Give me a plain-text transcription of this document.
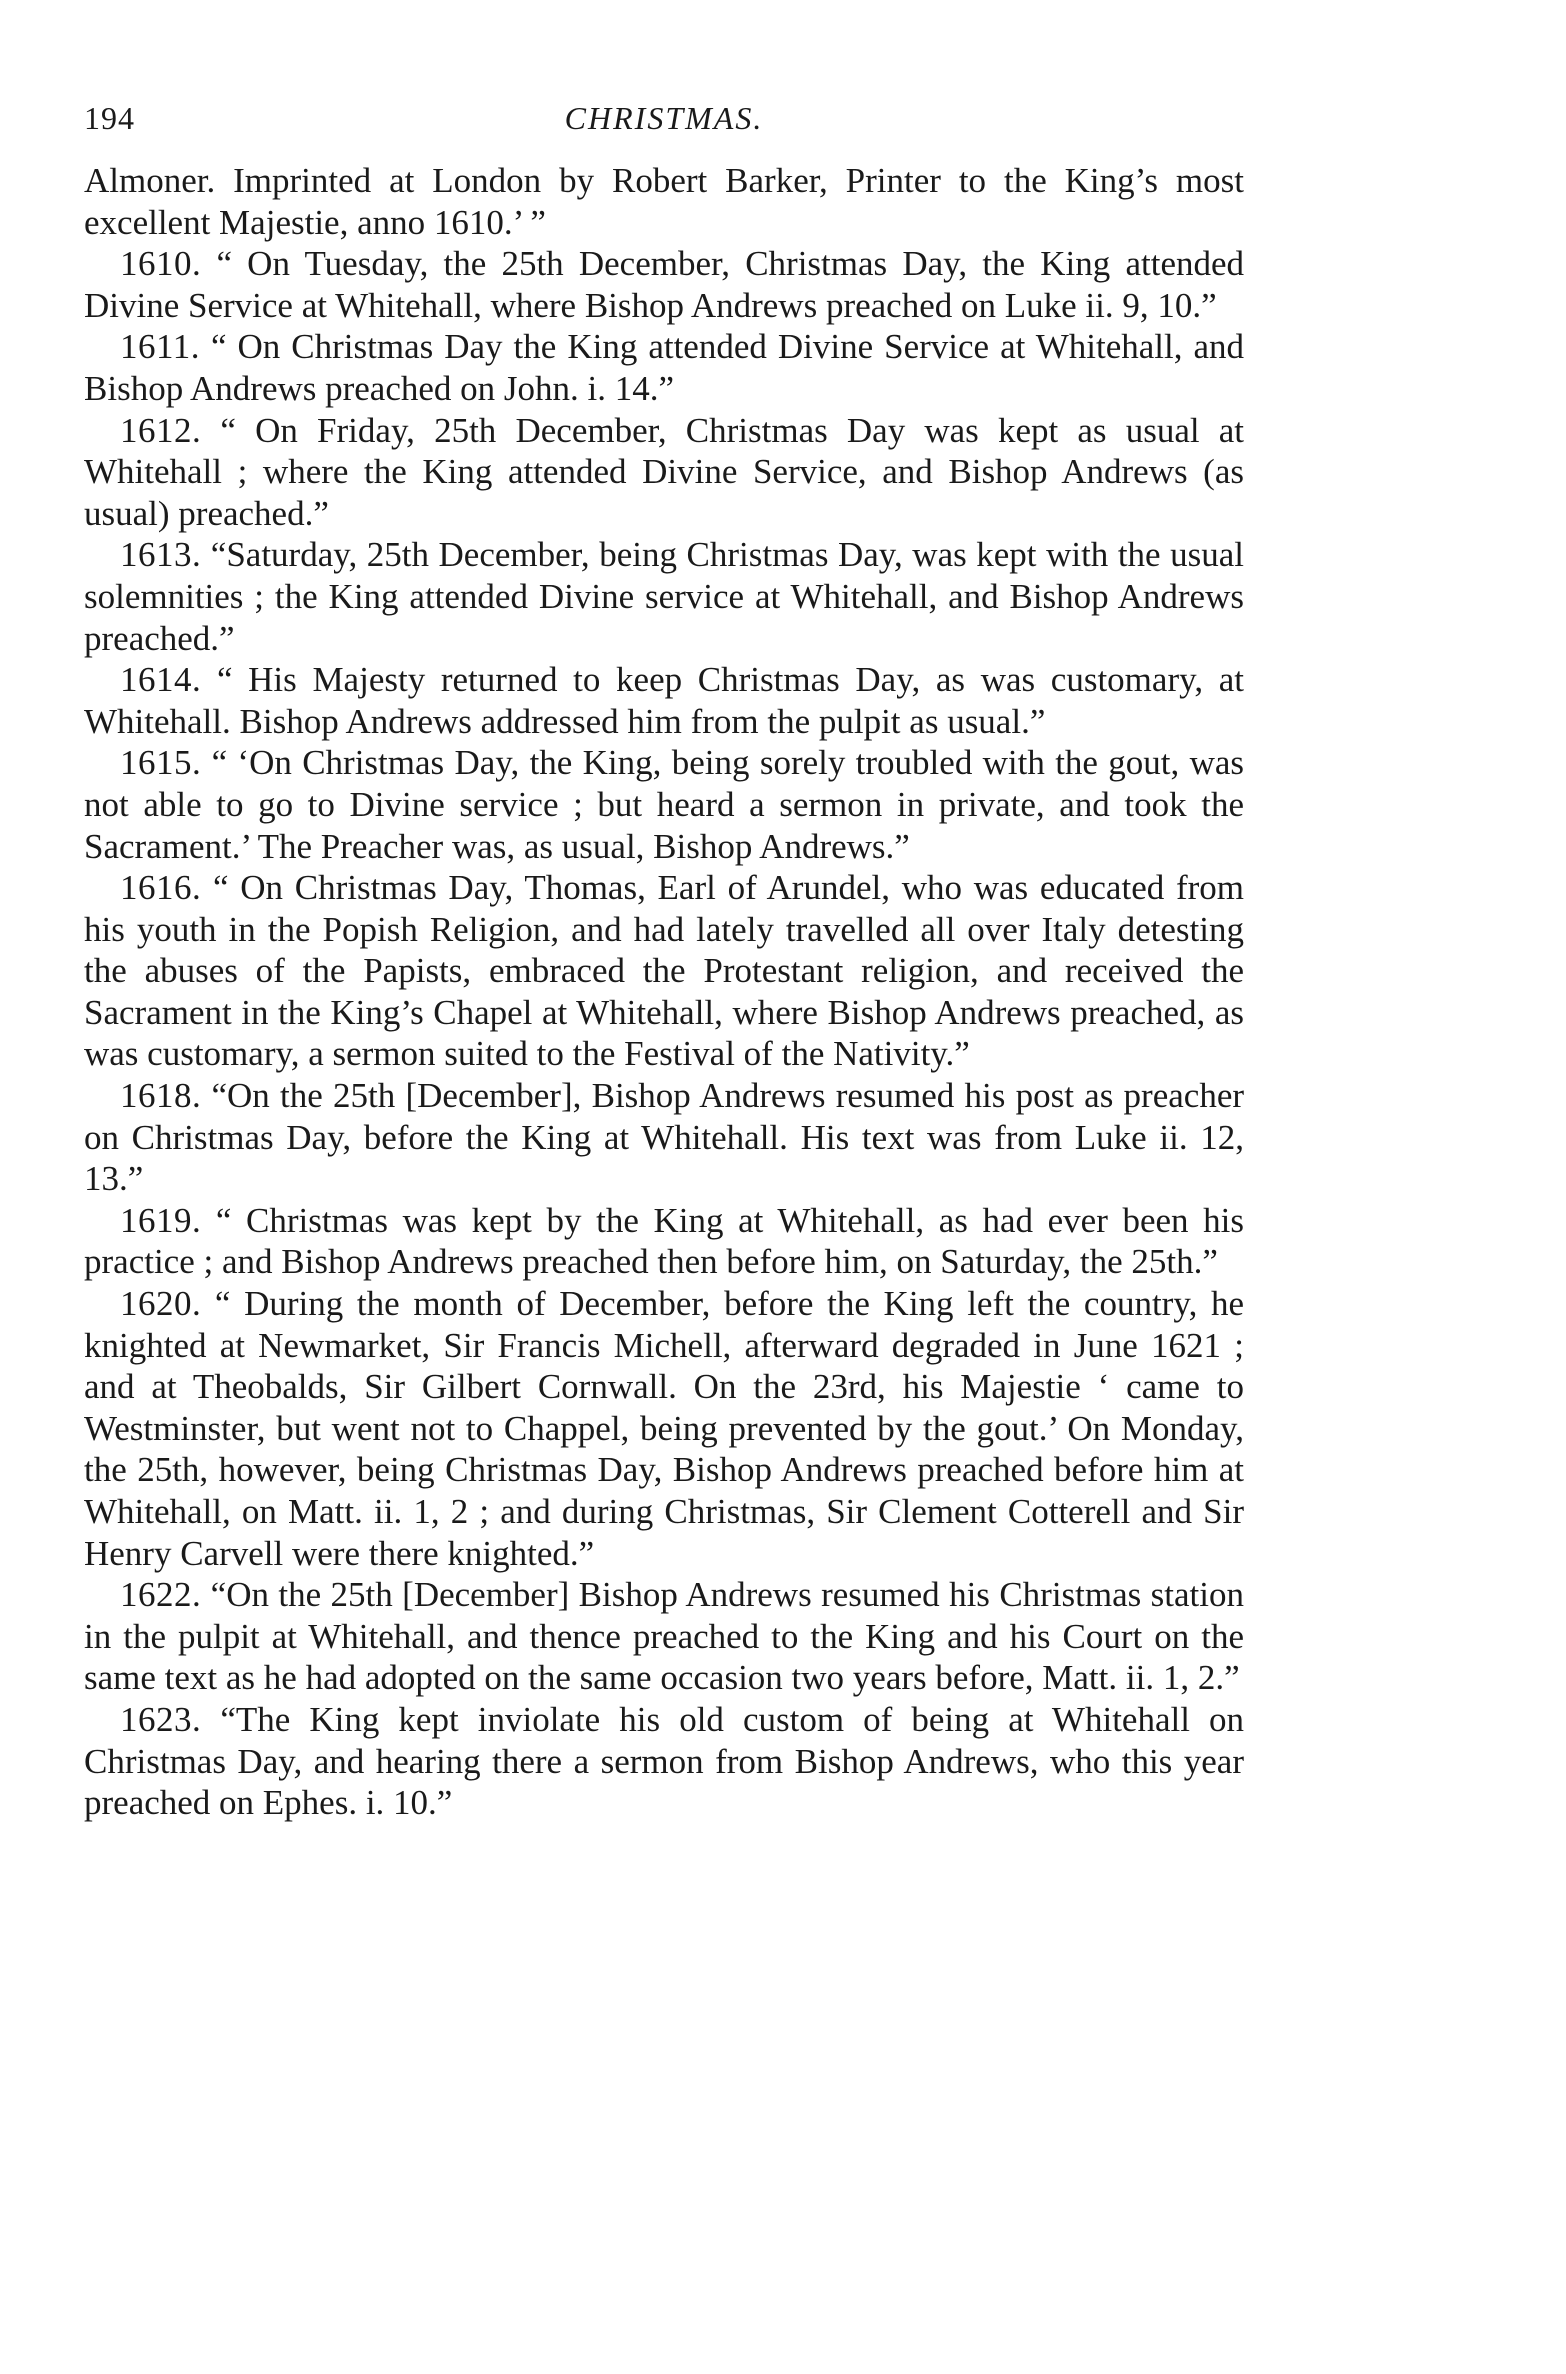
194	CHRISTMAS.

Almoner. Imprinted at London by Robert Barker, Printer to the King’s most excellent Majestie, anno 1610.’ ”

1610. “ On Tuesday, the 25th December, Christmas Day, the King attended Divine Service at Whitehall, where Bishop Andrews preached on Luke ii. 9, 10.”

1611. “ On Christmas Day the King attended Divine Service at Whitehall, and Bishop Andrews preached on John. i. 14.”

1612. “ On Friday, 25th December, Christmas Day was kept as usual at Whitehall ; where the King attended Divine Service, and Bishop Andrews (as usual) preached.”

1613. “Saturday, 25th December, being Christmas Day, was kept with the usual solemnities ; the King attended Divine service at Whitehall, and Bishop Andrews preached.”

1614. “ His Majesty returned to keep Christmas Day, as was customary, at Whitehall. Bishop Andrews addressed him from the pulpit as usual.”

1615. “ ‘On Christmas Day, the King, being sorely troubled with the gout, was not able to go to Divine service ; but heard a sermon in private, and took the Sacrament.’ The Preacher was, as usual, Bishop Andrews.”

1616. “ On Christmas Day, Thomas, Earl of Arundel, who was educated from his youth in the Popish Religion, and had lately travelled all over Italy detesting the abuses of the Papists, embraced the Protestant religion, and received the Sacrament in the King’s Chapel at Whitehall, where Bishop Andrews preached, as was customary, a sermon suited to the Festival of the Nativity.”

1618. “On the 25th [December], Bishop Andrews resumed his post as preacher on Christmas Day, before the King at Whitehall. His text was from Luke ii. 12, 13.”

1619. “ Christmas was kept by the King at Whitehall, as had ever been his practice ; and Bishop Andrews preached then before him, on Saturday, the 25th.”

1620. “ During the month of December, before the King left the country, he knighted at Newmarket, Sir Francis Michell, afterward degraded in June 1621 ; and at Theobalds, Sir Gilbert Cornwall. On the 23rd, his Majestie ‘ came to Westminster, but went not to Chappel, being prevented by the gout.’ On Monday, the 25th, however, being Christmas Day, Bishop Andrews preached before him at Whitehall, on Matt. ii. 1, 2 ; and during Christmas, Sir Clement Cotterell and Sir Henry Carvell were there knighted.”

1622. “On the 25th [December] Bishop Andrews resumed his Christmas station in the pulpit at Whitehall, and thence preached to the King and his Court on the same text as he had adopted on the same occasion two years before, Matt. ii. 1, 2.”

1623. “The King kept inviolate his old custom of being at Whitehall on Christmas Day, and hearing there a sermon from Bishop Andrews, who this year preached on Ephes. i. 10.”
